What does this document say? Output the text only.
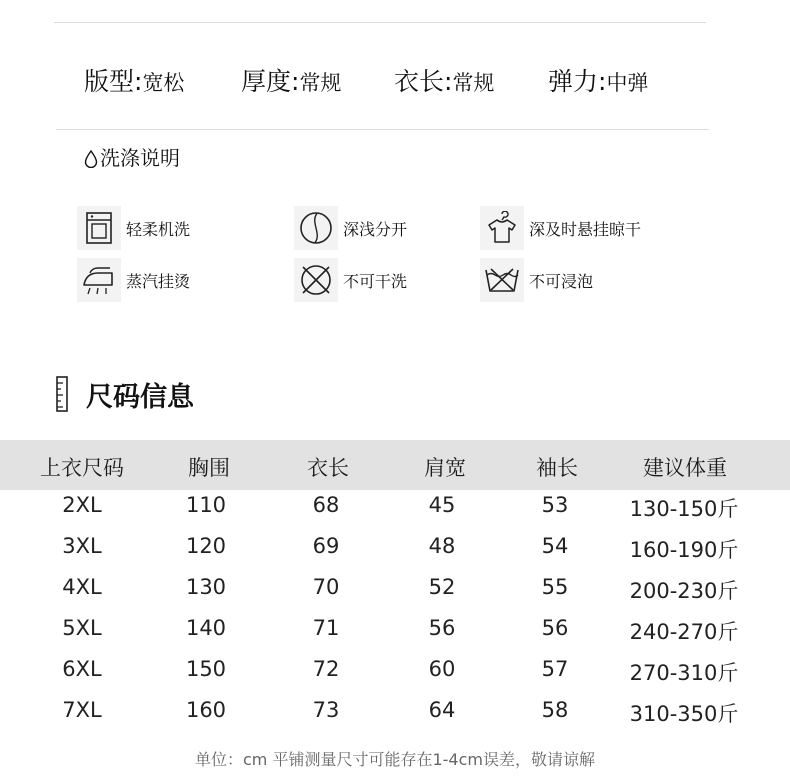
版型:宽松 厚度:常规 衣长:常规 弹力:中弹
洗涤说明
轻柔机洗	深浅分开	深及时悬挂晾干
蒸汽挂烫	不可干洗	不可浸泡
尺码信息
上衣尺码	胸围	衣长	肩宽	袖长	建议体重
2XL	110	68	45	53	130-150斤
3XL	120	69	48	54	160-190斤
4XL	130	70	52	55	200-230斤
5XL	140	71	56	56	240-270斤
6XL	150	72	60	57	270-310斤
7XL	160	73	64	58	310-350斤
单位：cm 平铺测量尺寸可能存在1-4cm误差，敬请谅解
